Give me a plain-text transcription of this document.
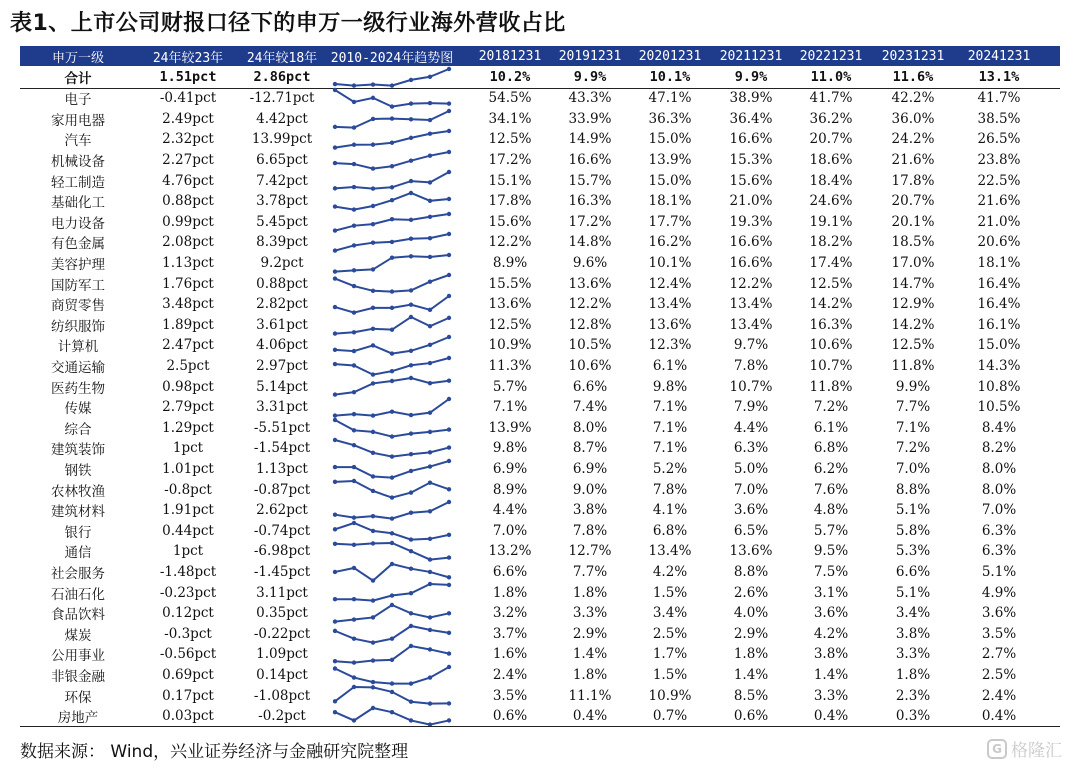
表1、上市公司财报口径下的申万一级行业海外营收占比
申万一级	24年较23年	24年较18年	2010-2024年趋势图	20181231	20191231	20201231	20211231	20221231	20231231	20241231
合计	1.51pct	2.86pct	10.2%	9.9%	10.1%	9.9%	11.0%	11.6%	13.1%
电子	-0.41pct	-12.71pct	54.5%	43.3%	47.1%	38.9%	41.7%	42.2%	41.7%
家用电器	2.49pct	4.42pct	34.1%	33.9%	36.3%	36.4%	36.2%	36.0%	38.5%
汽车	2.32pct	13.99pct	12.5%	14.9%	15.0%	16.6%	20.7%	24.2%	26.5%
机械设备	2.27pct	6.65pct	17.2%	16.6%	13.9%	15.3%	18.6%	21.6%	23.8%
轻工制造	4.76pct	7.42pct	15.1%	15.7%	15.0%	15.6%	18.4%	17.8%	22.5%
基础化工	0.88pct	3.78pct	17.8%	16.3%	18.1%	21.0%	24.6%	20.7%	21.6%
电力设备	0.99pct	5.45pct	15.6%	17.2%	17.7%	19.3%	19.1%	20.1%	21.0%
有色金属	2.08pct	8.39pct	12.2%	14.8%	16.2%	16.6%	18.2%	18.5%	20.6%
美容护理	1.13pct	9.2pct	8.9%	9.6%	10.1%	16.6%	17.4%	17.0%	18.1%
国防军工	1.76pct	0.88pct	15.5%	13.6%	12.4%	12.2%	12.5%	14.7%	16.4%
商贸零售	3.48pct	2.82pct	13.6%	12.2%	13.4%	13.4%	14.2%	12.9%	16.4%
纺织服饰	1.89pct	3.61pct	12.5%	12.8%	13.6%	13.4%	16.3%	14.2%	16.1%
计算机	2.47pct	4.06pct	10.9%	10.5%	12.3%	9.7%	10.6%	12.5%	15.0%
交通运输	2.5pct	2.97pct	11.3%	10.6%	6.1%	7.8%	10.7%	11.8%	14.3%
医药生物	0.98pct	5.14pct	5.7%	6.6%	9.8%	10.7%	11.8%	9.9%	10.8%
传媒	2.79pct	3.31pct	7.1%	7.4%	7.1%	7.9%	7.2%	7.7%	10.5%
综合	1.29pct	-5.51pct	13.9%	8.0%	7.1%	4.4%	6.1%	7.1%	8.4%
建筑装饰	1pct	-1.54pct	9.8%	8.7%	7.1%	6.3%	6.8%	7.2%	8.2%
钢铁	1.01pct	1.13pct	6.9%	6.9%	5.2%	5.0%	6.2%	7.0%	8.0%
农林牧渔	-0.8pct	-0.87pct	8.9%	9.0%	7.8%	7.0%	7.6%	8.8%	8.0%
建筑材料	1.91pct	2.62pct	4.4%	3.8%	4.1%	3.6%	4.8%	5.1%	7.0%
银行	0.44pct	-0.74pct	7.0%	7.8%	6.8%	6.5%	5.7%	5.8%	6.3%
通信	1pct	-6.98pct	13.2%	12.7%	13.4%	13.6%	9.5%	5.3%	6.3%
社会服务	-1.48pct	-1.45pct	6.6%	7.7%	4.2%	8.8%	7.5%	6.6%	5.1%
石油石化	-0.23pct	3.11pct	1.8%	1.8%	1.5%	2.6%	3.1%	5.1%	4.9%
食品饮料	0.12pct	0.35pct	3.2%	3.3%	3.4%	4.0%	3.6%	3.4%	3.6%
煤炭	-0.3pct	-0.22pct	3.7%	2.9%	2.5%	2.9%	4.2%	3.8%	3.5%
公用事业	-0.56pct	1.09pct	1.6%	1.4%	1.7%	1.8%	3.8%	3.3%	2.7%
非银金融	0.69pct	0.14pct	2.4%	1.8%	1.5%	1.4%	1.4%	1.8%	2.5%
环保	0.17pct	-1.08pct	3.5%	11.1%	10.9%	8.5%	3.3%	2.3%	2.4%
房地产	0.03pct	-0.2pct	0.6%	0.4%	0.7%	0.6%	0.4%	0.3%	0.4%
数据来源： Wind，兴业证券经济与金融研究院整理	G 格隆汇
